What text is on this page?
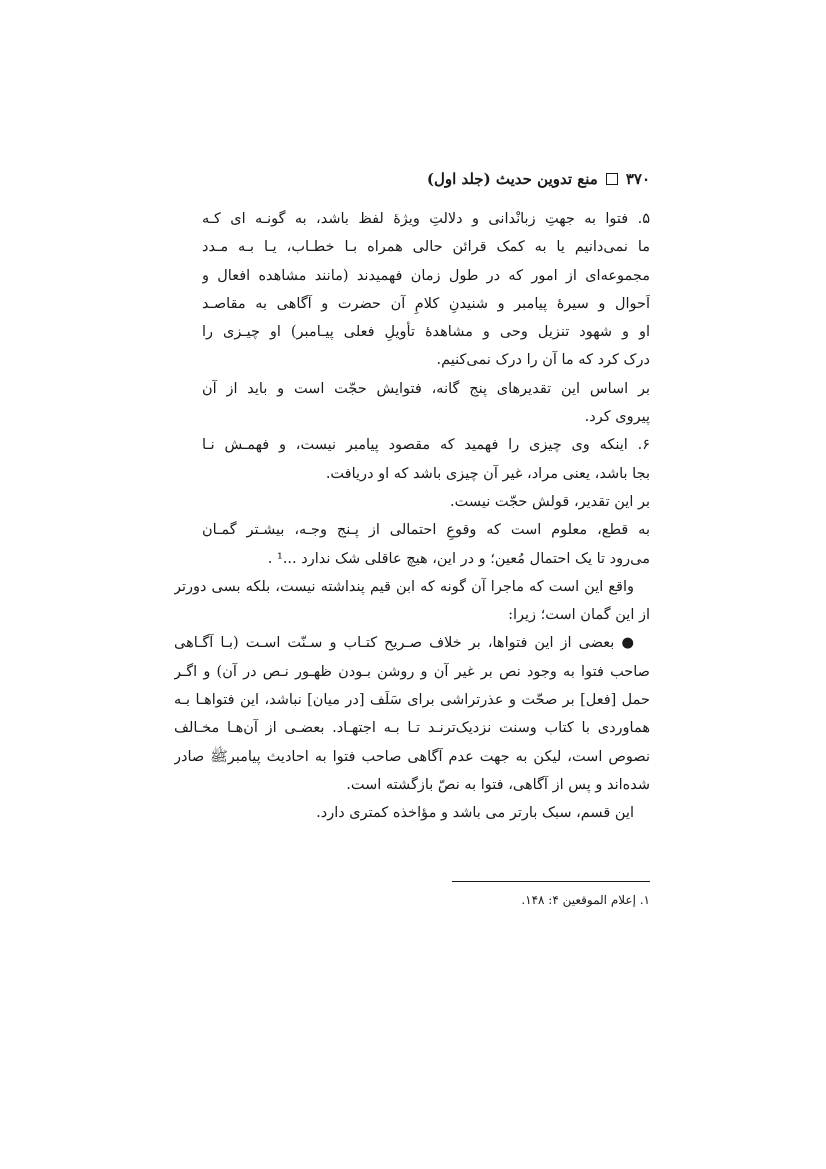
۳۷۰
منع تدوین حدیث (جلد اول)
۵. فتوا به جهتِ زبانْدانی و دلالتِ ویژهٔ لفظ باشد، به گونـه ای کـه
ما نمی‌دانیم یا به کمک قرائن حالی همراه بـا خطـاب، یـا بـه مـدد
مجموعه‌ای از امور که در طول زمان فهمیدند (مانند مشاهده افعال و
اَحوال و سیرهٔ پیامبر و شنیدنِ کلامِ آن حضرت و آگاهی به مقاصـد
او و شهود تنزیل وحی و مشاهدهٔ تأویلِ فعلی پیـامبر) او چیـزی را
درک کرد که ما آن را درک نمی‌کنیم.
بر اساس این تقدیرهای پنج گانه، فتوایش حجّت است و باید از آن
پیروی کرد.
۶. اینکه وی چیزی را فهمید که مقصود پیامبر نیست، و فهمـش نـا
بجا باشد، یعنی مراد، غیر آن چیزی باشد که او دریافت.
بر این تقدیر، قولش حجّت نیست.
به قطع، معلوم است که وقوعِ احتمالی از پـنج وجـه، بیشـتر گمـان
می‌رود تا یک احتمال مُعین؛ و در این، هیچ عاقلی شک ندارد ...¹ .
واقع این است که ماجرا آن گونه که ابن قیم پنداشته نیست، بلکه بسی دورتر
از این گمان است؛ زیرا:
● بعضی از این فتواها، بر خلاف صـریح کتـاب و سـنّت اسـت (بـا آگـاهی
صاحب فتوا به وجود نص بر غیر آن و روشن بـودن ظهـور نـص در آن) و اگـر
حمل [فعل] بر صحّت و عذرتراشی برای سَلَف [در میان] نباشد، این فتواهـا بـه
هماوردی با کتاب وسنت نزدیک‌ترنـد تـا بـه اجتهـاد. بعضـی از آن‌هـا مخـالف
نصوص است، لیکن به جهت عدم آگاهی صاحب فتوا به احادیث پیامبرﷺ صادر
شده‌اند و پس از آگاهی، فتوا به نصّ بازگشته است.
این قسم، سبک بارتر می باشد و مؤاخذه کمتری دارد.
۱. إعلام الموقعین ۴: ۱۴۸.
